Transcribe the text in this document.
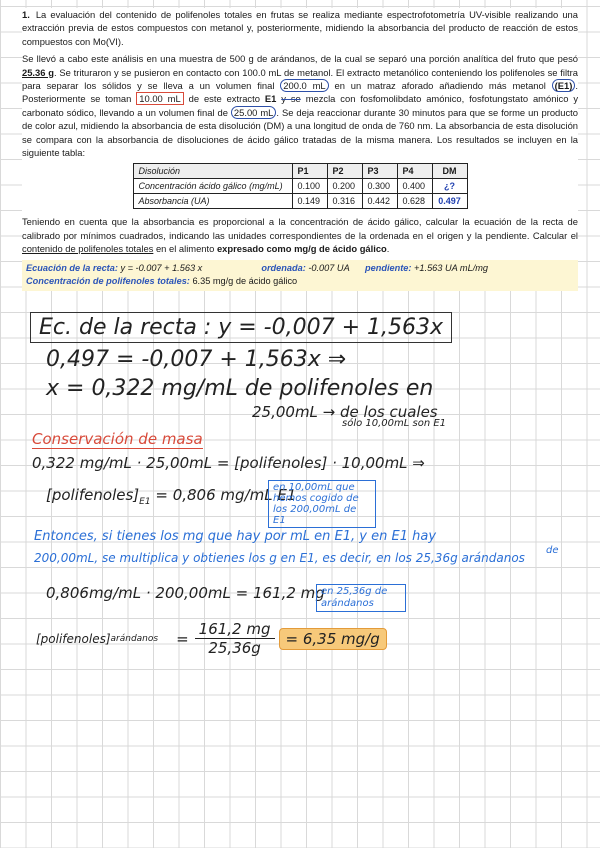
1. La evaluación del contenido de polifenoles totales en frutas se realiza mediante espectrofotometría UV-visible realizando una extracción previa de estos compuestos con metanol y, posteriormente, midiendo la absorbancia del producto de reacción de estos compuestos con Mo(VI).

Se llevó a cabo este análisis en una muestra de 500 g de arándanos, de la cual se separó una porción analítica del fruto que pesó 25.36 g. Se trituraron y se pusieron en contacto con 100.0 mL de metanol. El extracto metanólico conteniendo los polifenoles se filtra para separar los sólidos y se lleva a un volumen final 200.0 mL en un matraz aforado añadiendo más metanol (E1) . Posteriormente se toman 10.00 mL de este extracto E1 y se mezcla con fosfomolibdato amónico, fosfotungstato amónico y carbonato sódico, llevando a un volumen final de 25.00 mL . Se deja reaccionar durante 30 minutos para que se forme un producto de color azul, midiendo la absorbancia de esta disolución (DM) a una longitud de onda de 760 nm. La absorbancia de esta disolución se compara con la absorbancia de disoluciones de ácido gálico tratadas de la misma manera. Los resultados se incluyen en la siguiente tabla:

Disolución	P1	P2	P3	P4	DM
Concentración ácido gálico (mg/mL)	0.100	0.200	0.300	0.400	¿?
Absorbancia (UA)	0.149	0.316	0.442	0.628	0.497

Teniendo en cuenta que la absorbancia es proporcional a la concentración de ácido gálico, calcular la ecuación de la recta de calibrado por mínimos cuadrados, indicando las unidades correspondientes de la ordenada en el origen y la pendiente. Calcular el contenido de polifenoles totales en el alimento expresado como mg/g de ácido gálico.

Ecuación de la recta: y = -0.007 + 1.563 x	ordenada: -0.007 UA pendiente: +1.563 UA mL/mg
Concentración de polifenoles totales: 6.35 mg/g de ácido gálico
Ec. de la recta : y = -0,007 + 1,563x
0,497 = -0,007 + 1,563x ⇒
x = 0,322 mg/mL de polifenoles en
25,00mL → de los cuales
sólo 10,00mL son E1
Conservación de masa
0,322 mg/mL · 25,00mL = [polifenoles] · 10,00mL ⇒
$[polifenoles]_{E1} = 0,806$ mg/mL E1
en 10,00mL que hemos cogido de los 200,00mL de E1
Entonces, si tienes los mg que hay por mL en E1, y en E1 hay
de
200,00mL, se multiplica y obtienes los g en E1, es decir, en los 25,36g arándanos
0,806mg/mL · 200,00mL = 161,2 mg
en 25,36g de arándanos
[polifenoles] arándanos = $\frac{161,2 mg}{25,36g} = 6,35$ mg/g
